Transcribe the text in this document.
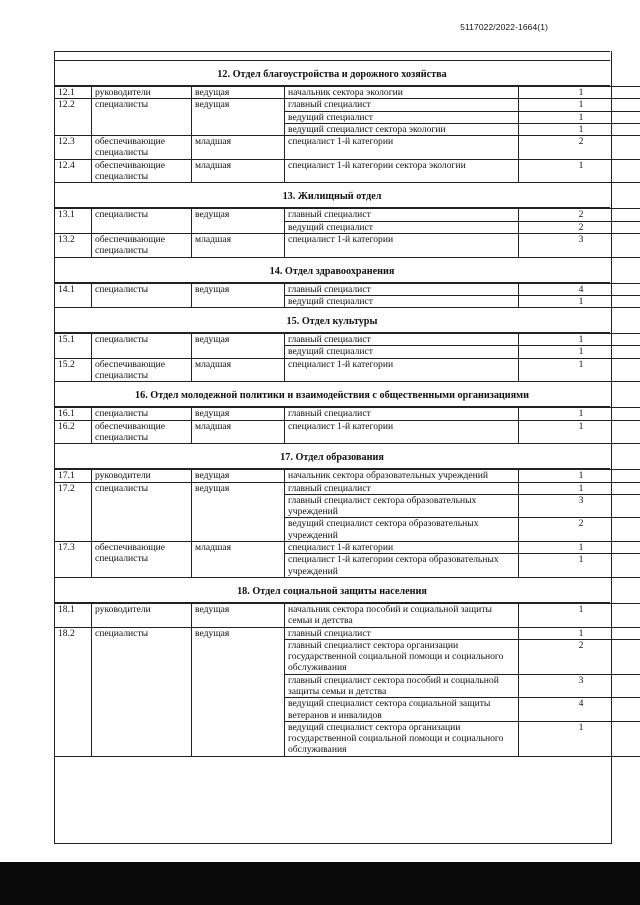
5117022/2022-1664(1)
12. Отдел благоустройства и дорожного хозяйства
12.1	руководители	ведущая	начальник сектора экологии	1
12.2	специалисты	ведущая	главный специалист	1
			ведущий специалист	1
			ведущий специалист сектора экологии	1
12.3	обеспечивающие специалисты	младшая	специалист 1-й категории	2
12.4	обеспечивающие специалисты	младшая	специалист 1-й категории сектора экологии	1
13. Жилищный отдел
13.1	специалисты	ведущая	главный специалист	2
			ведущий специалист	2
13.2	обеспечивающие специалисты	младшая	специалист 1-й категории	3
14. Отдел здравоохранения
14.1	специалисты	ведущая	главный специалист	4
			ведущий специалист	1
15. Отдел культуры
15.1	специалисты	ведущая	главный специалист	1
			ведущий специалист	1
15.2	обеспечивающие специалисты	младшая	специалист 1-й категории	1
16. Отдел молодежной политики и взаимодействия с общественными организациями
16.1	специалисты	ведущая	главный специалист	1
16.2	обеспечивающие специалисты	младшая	специалист 1-й категории	1
17. Отдел образования
17.1	руководители	ведущая	начальник сектора образовательных учреждений	1
17.2	специалисты	ведущая	главный специалист	1
			главный специалист сектора образовательных учреждений	3
			ведущий специалист сектора образовательных учреждений	2
17.3	обеспечивающие специалисты	младшая	специалист 1-й категории	1
			специалист 1-й категории сектора образовательных учреждений	1
18. Отдел социальной защиты населения
18.1	руководители	ведущая	начальник сектора пособий и социальной защиты семьи и детства	1
18.2	специалисты	ведущая	главный специалист	1
			главный специалист сектора организации государственной социальной помощи и социального обслуживания	2
			главный специалист сектора пособий и социальной защиты семьи и детства	3
			ведущий специалист сектора социальной защиты ветеранов и инвалидов	4
			ведущий специалист сектора организации государственной социальной помощи и социального обслуживания	1
